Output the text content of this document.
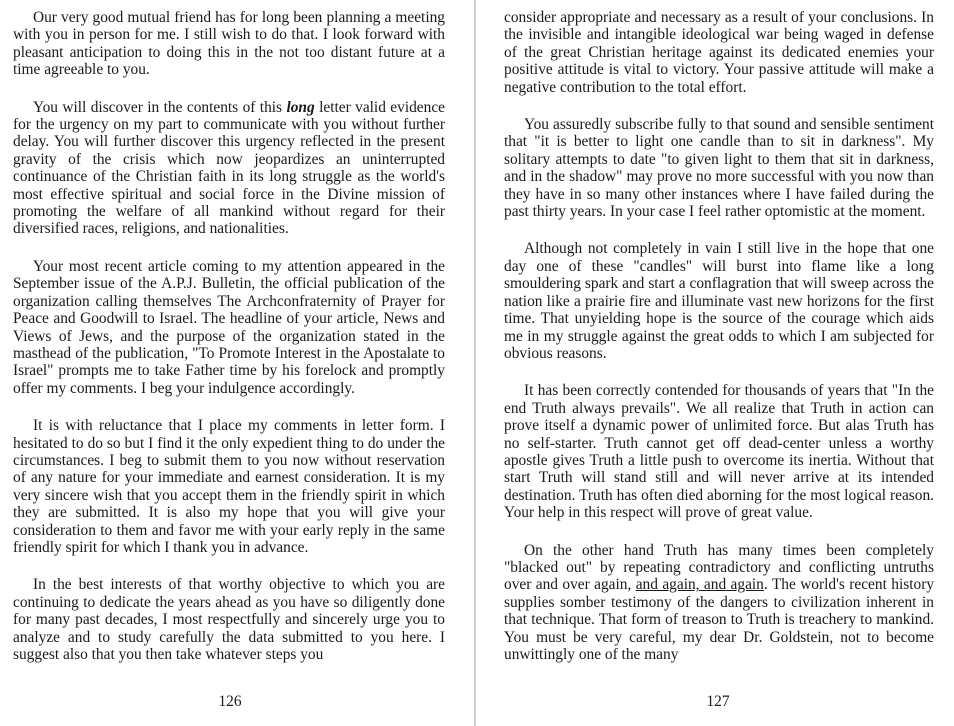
Our very good mutual friend has for long been planning a meeting with you in person for me. I still wish to do that. I look forward with pleasant anticipation to doing this in the not too distant future at a time agreeable to you.

You will discover in the contents of this long letter valid evidence for the urgency on my part to communicate with you without further delay. You will further discover this urgency reflected in the present gravity of the crisis which now jeopardizes an uninterrupted continuance of the Christian faith in its long struggle as the world's most effective spiritual and social force in the Divine mission of promoting the welfare of all mankind without regard for their diversified races, religions, and nationalities.

Your most recent article coming to my attention appeared in the September issue of the A.P.J. Bulletin, the official publication of the organization calling themselves The Archconfraternity of Prayer for Peace and Goodwill to Israel. The headline of your article, News and Views of Jews, and the purpose of the organization stated in the masthead of the publication, "To Promote Interest in the Apostalate to Israel" prompts me to take Father time by his forelock and promptly offer my comments. I beg your indulgence accordingly.

It is with reluctance that I place my comments in letter form. I hesitated to do so but I find it the only expedient thing to do under the circumstances. I beg to submit them to you now without reservation of any nature for your immediate and earnest consideration. It is my very sincere wish that you accept them in the friendly spirit in which they are submitted. It is also my hope that you will give your consideration to them and favor me with your early reply in the same friendly spirit for which I thank you in advance.

In the best interests of that worthy objective to which you are continuing to dedicate the years ahead as you have so diligently done for many past decades, I most respectfully and sincerely urge you to analyze and to study carefully the data submitted to you here. I suggest also that you then take whatever steps you

126

consider appropriate and necessary as a result of your conclusions. In the invisible and intangible ideological war being waged in defense of the great Christian heritage against its dedicated enemies your positive attitude is vital to victory. Your passive attitude will make a negative contribution to the total effort.

You assuredly subscribe fully to that sound and sensible sentiment that "it is better to light one candle than to sit in darkness". My solitary attempts to date "to given light to them that sit in darkness, and in the shadow" may prove no more successful with you now than they have in so many other instances where I have failed during the past thirty years. In your case I feel rather optomistic at the moment.

Although not completely in vain I still live in the hope that one day one of these "candles" will burst into flame like a long smouldering spark and start a conflagration that will sweep across the nation like a prairie fire and illuminate vast new horizons for the first time. That unyielding hope is the source of the courage which aids me in my struggle against the great odds to which I am subjected for obvious reasons.

It has been correctly contended for thousands of years that "In the end Truth always prevails". We all realize that Truth in action can prove itself a dynamic power of unlimited force. But alas Truth has no self-starter. Truth cannot get off dead-center unless a worthy apostle gives Truth a little push to overcome its inertia. Without that start Truth will stand still and will never arrive at its intended destination. Truth has often died aborning for the most logical reason. Your help in this respect will prove of great value.

On the other hand Truth has many times been completely "blacked out" by repeating contradictory and conflicting untruths over and over again, and again, and again. The world's recent history supplies somber testimony of the dangers to civilization inherent in that technique. That form of treason to Truth is treachery to mankind. You must be very careful, my dear Dr. Goldstein, not to become unwittingly one of the many

127
